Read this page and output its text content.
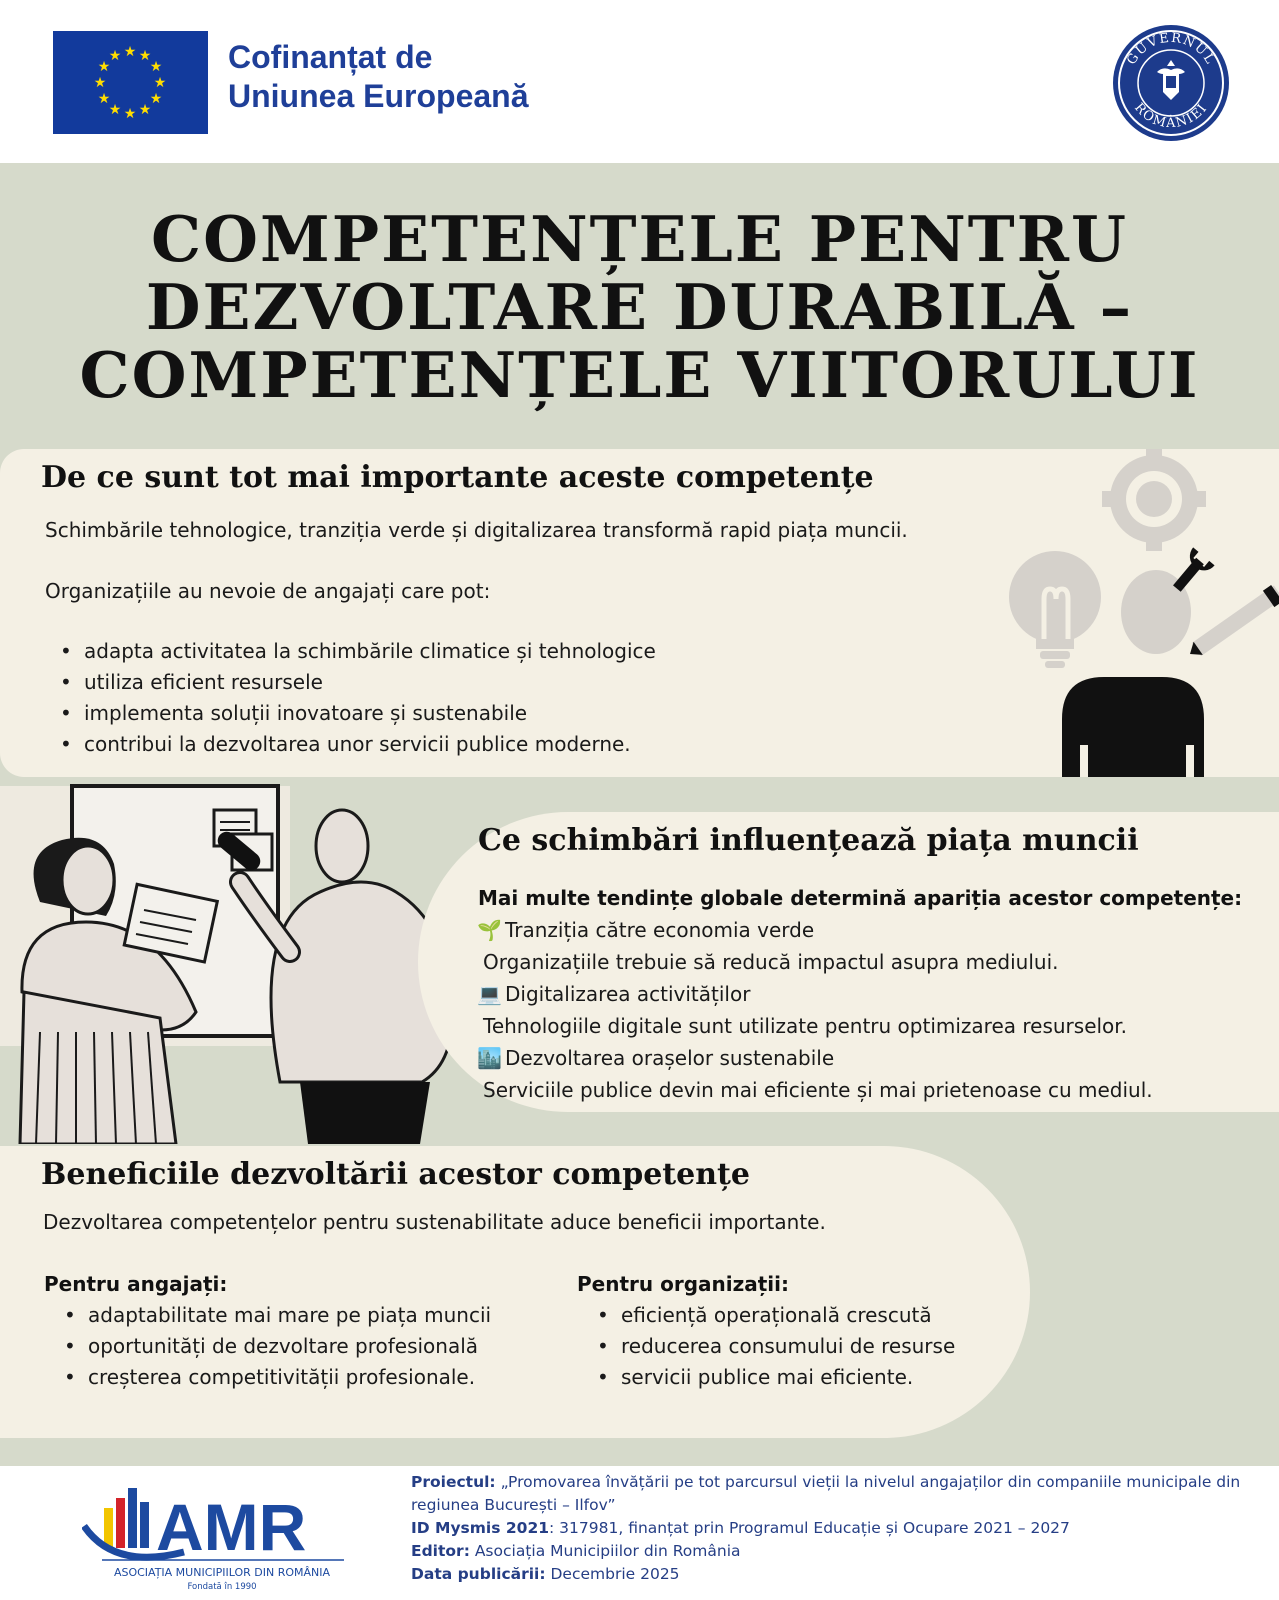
★ ★
★
★
★
★
★
★
★
★
★
★	Cofinanțat de
Uniunea Europeană
GUVERNUL
ROMÂNIEI
COMPETENȚELE PENTRU
DEZVOLTARE DURABILĂ –
COMPETENȚELE VIITORULUI
De ce sunt tot mai importante aceste competențe
Schimbările tehnologice, tranziția verde și digitalizarea transformă rapid piața muncii.
Organizațiile au nevoie de angajați care pot:
• adapta activitatea la schimbările climatice și tehnologice
• utiliza eficient resursele
• implementa soluții inovatoare și sustenabile
• contribui la dezvoltarea unor servicii publice moderne.
Ce schimbări influențează piața muncii
Mai multe tendințe globale determină apariția acestor competențe:
🌱 Tranziția către economia verde
Organizațiile trebuie să reducă impactul asupra mediului.
💻 Digitalizarea activităților
Tehnologiile digitale sunt utilizate pentru optimizarea resurselor.
🏙️ Dezvoltarea orașelor sustenabile
Serviciile publice devin mai eficiente și mai prietenoase cu mediul.
Beneficiile dezvoltării acestor competențe
Dezvoltarea competențelor pentru sustenabilitate aduce beneficii importante.
Pentru angajați:
• adaptabilitate mai mare pe piața muncii
• oportunități de dezvoltare profesională
• creșterea competitivității profesionale.
Pentru organizații:
• eficiență operațională crescută
• reducerea consumului de resurse
• servicii publice mai eficiente.
AMR
ASOCIAȚIA MUNICIPIILOR DIN ROMÂNIA
Fondată în 1990
Proiectul: „Promovarea învățării pe tot parcursul vieții la nivelul angajaților din companiile municipale din regiunea București – Ilfov”
ID Mysmis 2021: 317981, finanțat prin Programul Educație și Ocupare 2021 – 2027
Editor: Asociația Municipiilor din România
Data publicării: Decembrie 2025
